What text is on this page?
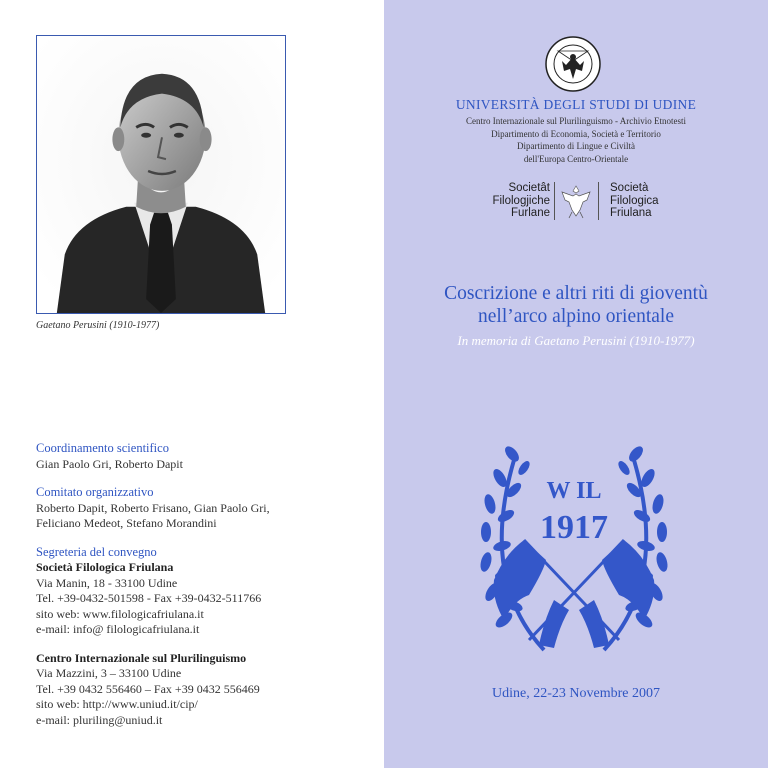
Gaetano Perusini (1910-1977)
Coordinamento scientifico
Gian Paolo Gri, Roberto Dapit
Comitato organizzativo
Roberto Dapit, Roberto Frisano, Gian Paolo Gri,
Feliciano Medeot, Stefano Morandini
Segreteria del convegno
Società Filologica Friulana
Via Manin, 18 - 33100 Udine
Tel. +39-0432-501598 - Fax +39-0432-511766
sito web: www.filologicafriulana.it
e-mail: info@ filologicafriulana.it
Centro Internazionale sul Plurilinguismo
Via Mazzini, 3 – 33100 Udine
Tel. +39 0432 556460 – Fax +39 0432 556469
sito web: http://www.uniud.it/cip/
e-mail: pluriling@uniud.it
UNIVERSITÀ DEGLI STUDI DI UDINE
Centro Internazionale sul Plurilinguismo - Archivio Etnotesti
Dipartimento di Economia, Società e Territorio
Dipartimento di Lingue e Civiltà
dell'Europa Centro-Orientale
Societât
Filologjiche
Furlane
Società
Filologica
Friulana
Coscrizione e altri riti di gioventù
nell’arco alpino orientale
In memoria di Gaetano Perusini (1910-1977)
W IL
1917
Udine, 22-23 Novembre 2007
